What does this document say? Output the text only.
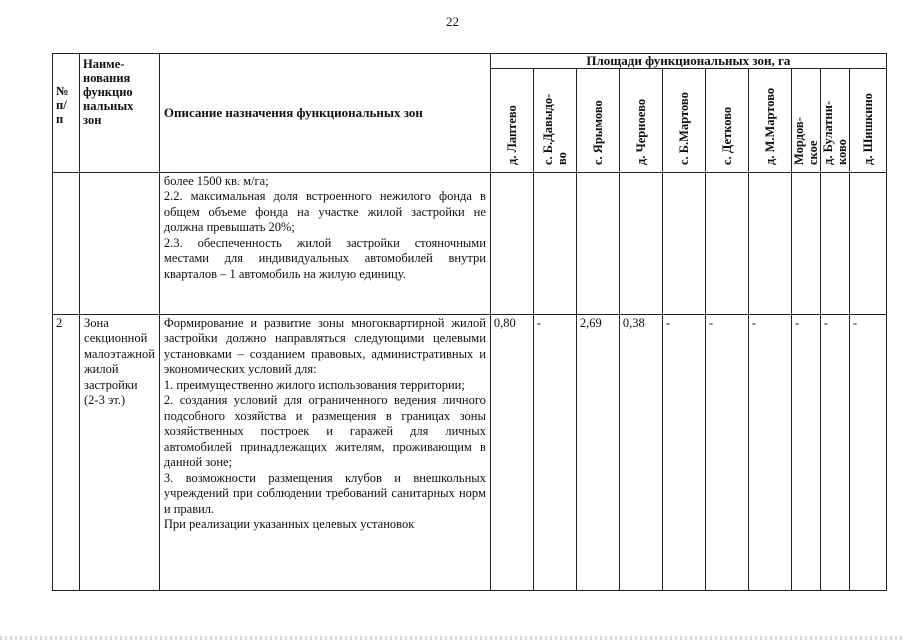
22
№
п/
п	Наиме-
нования
функцио
нальных
зон	Описание назначения функциональных зон	Площади функциональных зон, га									
			д. Лаптево	с. Б.Давыдо-
во	с. Ярымово	д. Черноево	с. Б.Мартово	с. Детково	д. М.Мартово	Мордов-
ское	д. Булатни-
ково	д. Шишкино

		более 1500 кв. м/га;

2.2. максимальная доля встроенного нежилого фонда в общем объеме фонда на участке жилой застройки не должна превышать 20%;

2.3. обеспеченность жилой застройки стояночными местами для индивидуальных автомобилей внутри кварталов – 1 автомобиль на жилую единицу.										

2	Зона секционной малоэтажной жилой застройки (2-3 эт.)	Формирование и развитие зоны многоквартирной жилой застройки должно направляться следующими целевыми установками – созданием правовых, административных и экономических условий для:

1. преимущественно жилого использования территории;

2. создания условий для ограниченного ведения личного подсобного хозяйства и размещения в границах зоны хозяйственных построек и гаражей для личных автомобилей принадлежащих жителям, проживающим в данной зоне;

3. возможности размещения клубов и внешкольных учреждений при соблюдении требований санитарных норм и правил.

При реализации указанных целевых установок	0,80	-	2,69	0,38	-	-	-	-	-	-
